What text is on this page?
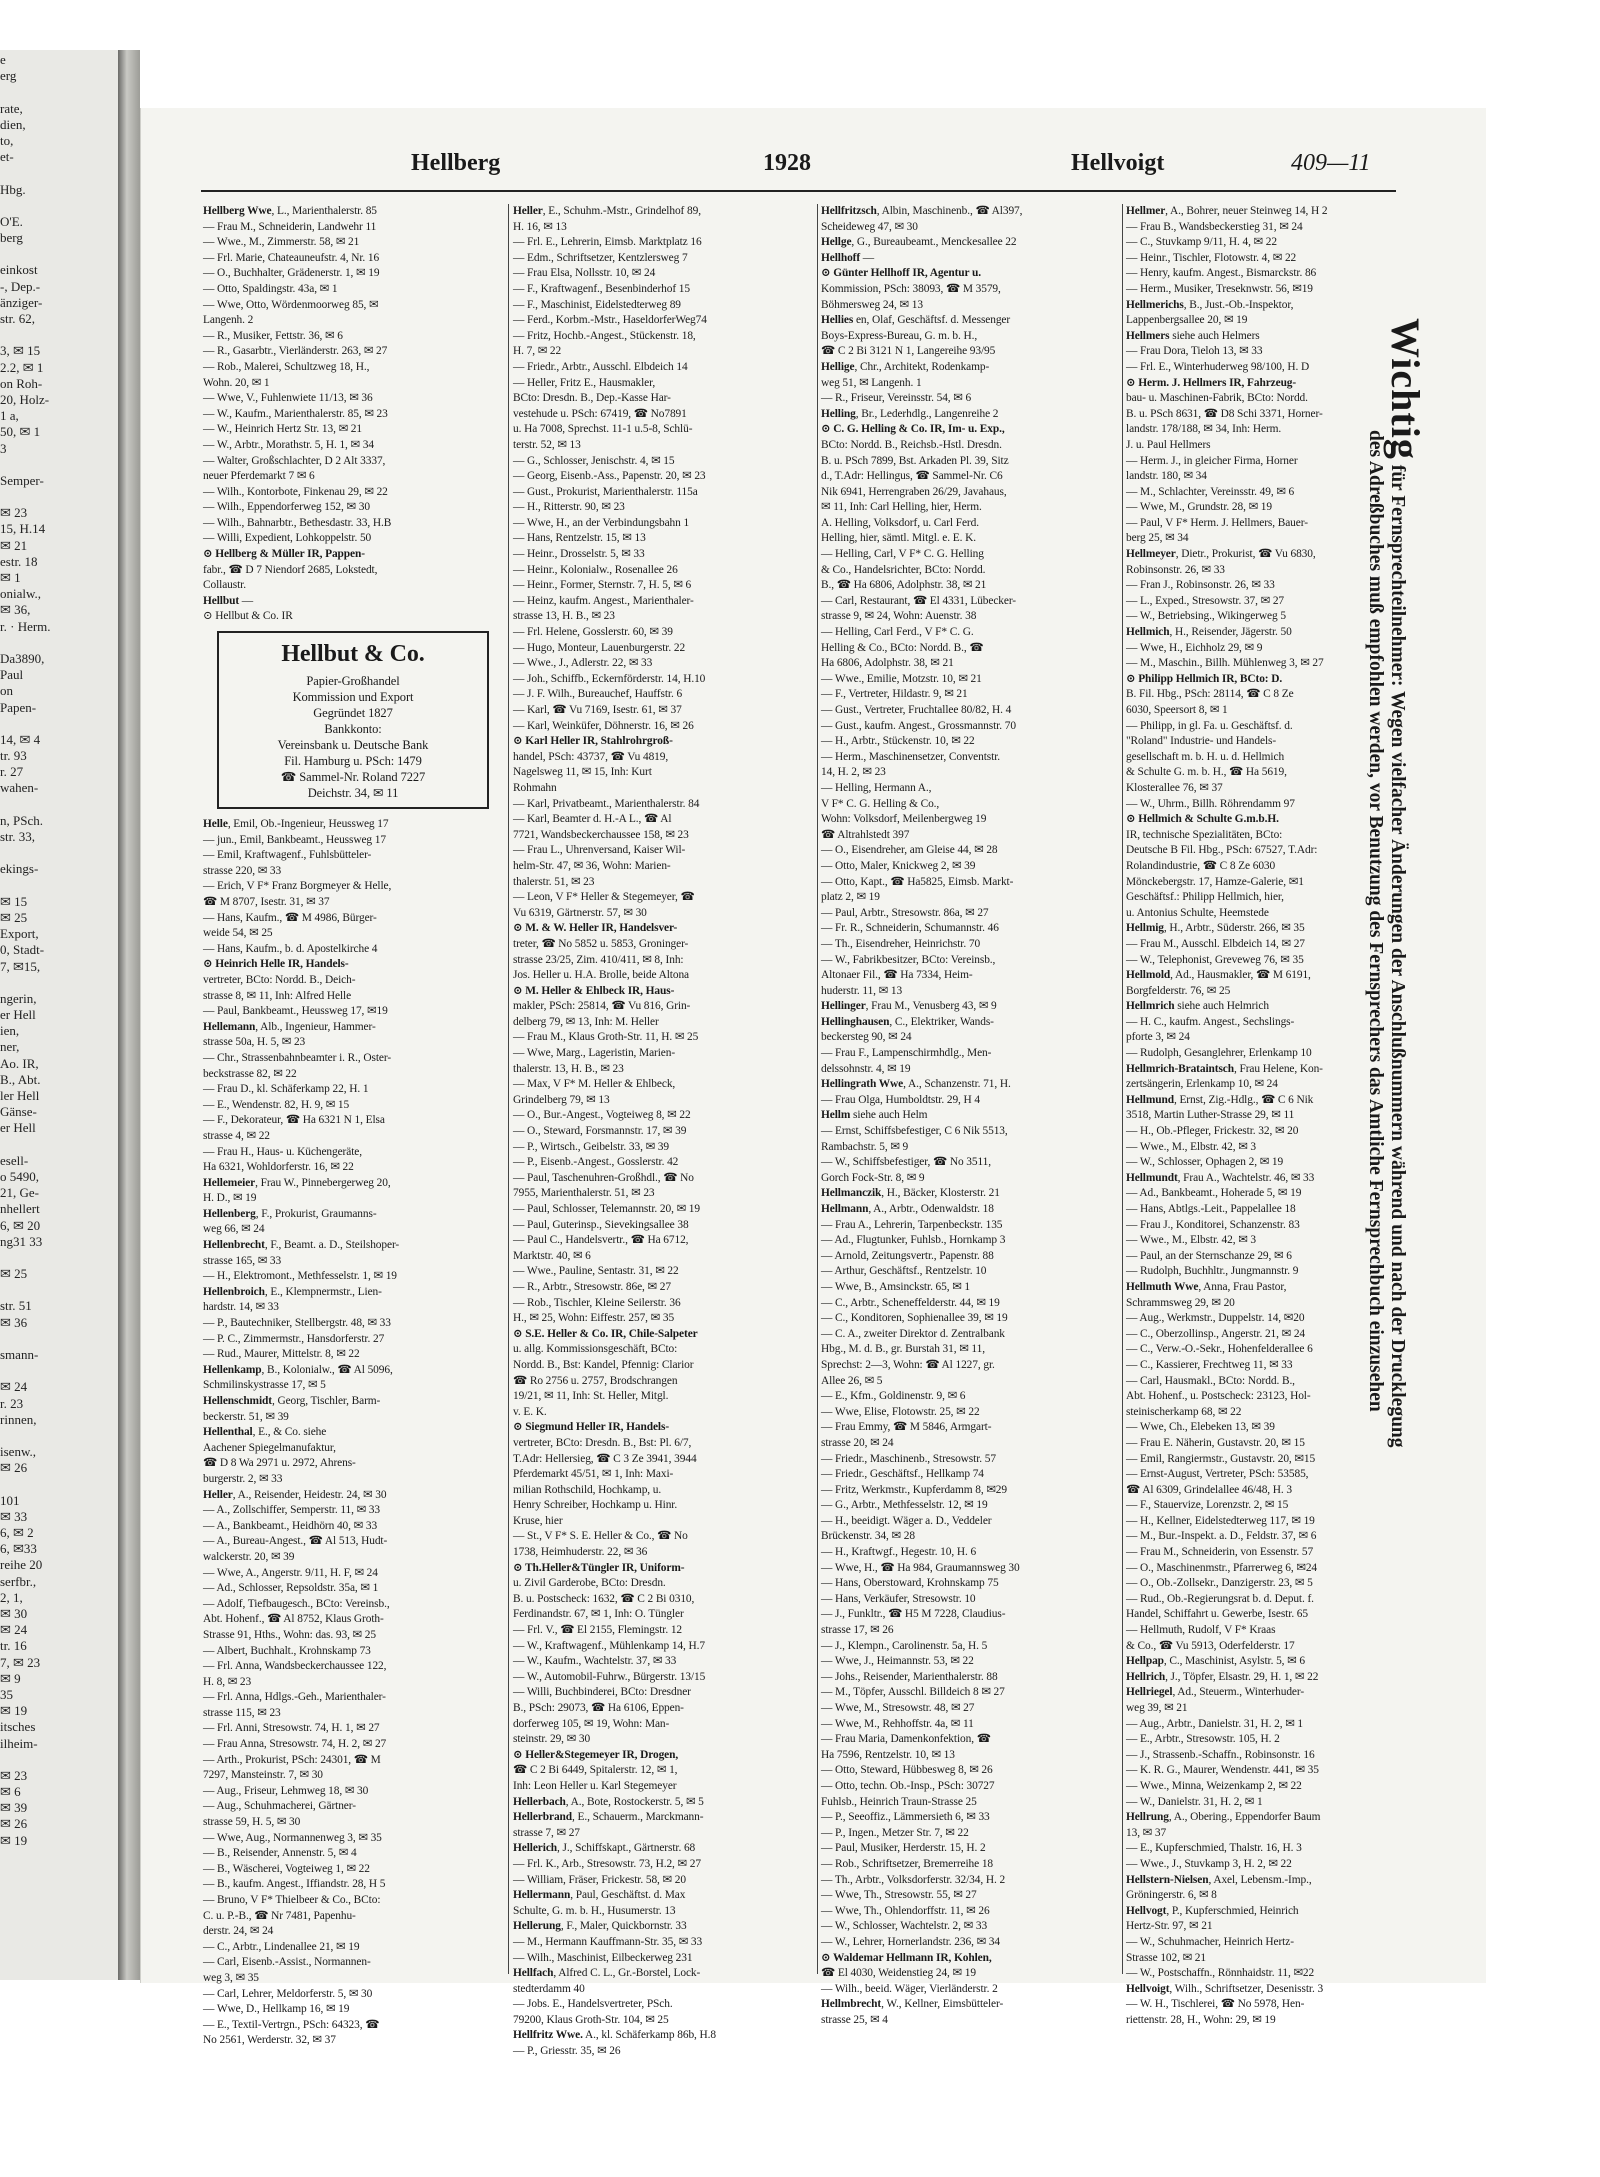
e
erg
rate,
dien,
to,
et-
Hbg.
O'E.
berg
einkost
-, Dep.-
änziger-
str. 62,
3, ✉ 15
2.2, ✉ 1
on Roh-
20, Holz-
1 a,
50, ✉ 1
3
Semper-
✉ 23
15, H.14
✉ 21
estr. 18
✉ 1
onialw.,
✉ 36,
r. · Herm.
Da3890,
Paul
on
Papen-
14, ✉ 4
tr. 93
r. 27
wahen-
n, PSch.
str. 33,
ekings-
✉ 15
✉ 25
Export,
0, Stadt-
7, ✉15,
ngerin,
er Hell
ien,
ner,
Ao. IR,
B., Abt.
ler Hell
Gänse-
er Hell
esell-
o 5490,
21, Ge-
nhellert
6, ✉ 20
ng31 33
✉ 25
str. 51
✉ 36
smann-
✉ 24
r. 23
rinnen,
isenw.,
✉ 26
101
✉ 33
6, ✉ 2
6, ✉33
reihe 20
serfbr.,
2, 1,
✉ 30
✉ 24
tr. 16
7, ✉ 23
✉ 9
35
✉ 19
itsches
ilheim-
✉ 23
✉ 6
✉ 39
✉ 26
✉ 19
Hellberg	1928	Hellvoigt	409—11
Hellberg Wwe, L., Marienthalerstr. 85
— Frau M., Schneiderin, Landwehr 11
— Wwe., M., Zimmerstr. 58, ✉ 21
— Frl. Marie, Chateauneufstr. 4, Nr. 16
— O., Buchhalter, Grädenerstr. 1, ✉ 19
— Otto, Spaldingstr. 43a, ✉ 1
— Wwe, Otto, Wördenmoorweg 85, ✉
Langenh. 2
— R., Musiker, Fettstr. 36, ✉ 6
— R., Gasarbtr., Vierländerstr. 263, ✉ 27
— Rob., Malerei, Schultzweg 18, H.,
Wohn. 20, ✉ 1
— Wwe, V., Fuhlenwiete 11/13, ✉ 36
— W., Kaufm., Marienthalerstr. 85, ✉ 23
— W., Heinrich Hertz Str. 13, ✉ 21
— W., Arbtr., Morathstr. 5, H. 1, ✉ 34
— Walter, Großschlachter, D 2 Alt 3337,
neuer Pferdemarkt 7 ✉ 6
— Wilh., Kontorbote, Finkenau 29, ✉ 22
— Wilh., Eppendorferweg 152, ✉ 30
— Wilh., Bahnarbtr., Bethesdastr. 33, H.B
— Willi, Expedient, Lohkoppelstr. 50
⊙ Hellberg & Müller IR, Pappen-
fabr., ☎ D 7 Niendorf 2685, Lokstedt,
Collaustr.
Hellbut —
⊙ Hellbut & Co. IR
Hellbut & Co.
Papier-Großhandel
Kommission und Export
Gegründet 1827
Bankkonto:
Vereinsbank u. Deutsche Bank
Fil. Hamburg u. PSch: 1479
☎ Sammel-Nr. Roland 7227
Deichstr. 34, ✉ 11
Helle, Emil, Ob.-Ingenieur, Heussweg 17
— jun., Emil, Bankbeamt., Heussweg 17
— Emil, Kraftwagenf., Fuhlsbütteler-
strasse 220, ✉ 33
— Erich, V F* Franz Borgmeyer & Helle,
☎ M 8707, Isestr. 31, ✉ 37
— Hans, Kaufm., ☎ M 4986, Bürger-
weide 54, ✉ 25
— Hans, Kaufm., b. d. Apostelkirche 4
⊙ Heinrich Helle IR, Handels-
vertreter, BCto: Nordd. B., Deich-
strasse 8, ✉ 11, Inh: Alfred Helle
— Paul, Bankbeamt., Heussweg 17, ✉19
Hellemann, Alb., Ingenieur, Hammer-
strasse 50a, H. 5, ✉ 23
— Chr., Strassenbahnbeamter i. R., Oster-
beckstrasse 82, ✉ 22
— Frau D., kl. Schäferkamp 22, H. 1
— E., Wendenstr. 82, H. 9, ✉ 15
— F., Dekorateur, ☎ Ha 6321 N 1, Elsa
strasse 4, ✉ 22
— Frau H., Haus- u. Küchengeräte,
Ha 6321, Wohldorferstr. 16, ✉ 22
Hellemeier, Frau W., Pinnebergerweg 20,
H. D., ✉ 19
Hellenberg, F., Prokurist, Graumanns-
weg 66, ✉ 24
Hellenbrecht, F., Beamt. a. D., Steilshoper-
strasse 165, ✉ 33
— H., Elektromont., Methfesselstr. 1, ✉ 19
Hellenbroich, E., Klempnermstr., Lien-
hardstr. 14, ✉ 33
— P., Bautechniker, Stellbergstr. 48, ✉ 33
— P. C., Zimmermstr., Hansdorferstr. 27
— Rud., Maurer, Mittelstr. 8, ✉ 22
Hellenkamp, B., Kolonialw., ☎ Al 5096,
Schmilinskystrasse 17, ✉ 5
Hellenschmidt, Georg, Tischler, Barm-
beckerstr. 51, ✉ 39
Hellenthal, E., & Co. siehe
Aachener Spiegelmanufaktur,
☎ D 8 Wa 2971 u. 2972, Ahrens-
burgerstr. 2, ✉ 33
Heller, A., Reisender, Heidestr. 24, ✉ 30
— A., Zollschiffer, Semperstr. 11, ✉ 33
— A., Bankbeamt., Heidhörn 40, ✉ 33
— A., Bureau-Angest., ☎ Al 513, Hudt-
walckerstr. 20, ✉ 39
— Wwe, A., Angerstr. 9/11, H. F, ✉ 24
— Ad., Schlosser, Repsoldstr. 35a, ✉ 1
— Adolf, Tiefbaugesch., BCto: Vereinsb.,
Abt. Hohenf., ☎ Al 8752, Klaus Groth-
Strasse 91, Hths., Wohn: das. 93, ✉ 25
— Albert, Buchhalt., Krohnskamp 73
— Frl. Anna, Wandsbeckerchaussee 122,
H. 8, ✉ 23
— Frl. Anna, Hdlgs.-Geh., Marienthaler-
strasse 115, ✉ 23
— Frl. Anni, Stresowstr. 74, H. 1, ✉ 27
— Frau Anna, Stresowstr. 74, H. 2, ✉ 27
— Arth., Prokurist, PSch: 24301, ☎ M
7297, Mansteinstr. 7, ✉ 30
— Aug., Friseur, Lehmweg 18, ✉ 30
— Aug., Schuhmacherei, Gärtner-
strasse 59, H. 5, ✉ 30
— Wwe, Aug., Normannenweg 3, ✉ 35
— B., Reisender, Annenstr. 5, ✉ 4
— B., Wäscherei, Vogteiweg 1, ✉ 22
— B., kaufm. Angest., Iffiandstr. 28, H 5
— Bruno, V F* Thielbeer & Co., BCto:
C. u. P.-B., ☎ Nr 7481, Papenhu-
derstr. 24, ✉ 24
— C., Arbtr., Lindenallee 21, ✉ 19
— Carl, Eisenb.-Assist., Normannen-
weg 3, ✉ 35
— Carl, Lehrer, Meldorferstr. 5, ✉ 30
— Wwe, D., Hellkamp 16, ✉ 19
— E., Textil-Vertrgn., PSch: 64323, ☎
No 2561, Werderstr. 32, ✉ 37
Heller, E., Schuhm.-Mstr., Grindelhof 89,
H. 16, ✉ 13
— Frl. E., Lehrerin, Eimsb. Marktplatz 16
— Edm., Schriftsetzer, Kentzlersweg 7
— Frau Elsa, Nollsstr. 10, ✉ 24
— F., Kraftwagenf., Besenbinderhof 15
— F., Maschinist, Eidelstedterweg 89
— Ferd., Korbm.-Mstr., HaseldorferWeg74
— Fritz, Hochb.-Angest., Stückenstr. 18,
H. 7, ✉ 22
— Friedr., Arbtr., Ausschl. Elbdeich 14
— Heller, Fritz E., Hausmakler,
BCto: Dresdn. B., Dep.-Kasse Har-
vestehude u. PSch: 67419, ☎ No7891
u. Ha 7008, Sprechst. 11-1 u.5-8, Schlü-
terstr. 52, ✉ 13
— G., Schlosser, Jenischstr. 4, ✉ 15
— Georg, Eisenb.-Ass., Papenstr. 20, ✉ 23
— Gust., Prokurist, Marienthalerstr. 115a
— H., Ritterstr. 90, ✉ 23
— Wwe, H., an der Verbindungsbahn 1
— Hans, Rentzelstr. 15, ✉ 13
— Heinr., Drosselstr. 5, ✉ 33
— Heinr., Kolonialw., Rosenallee 26
— Heinr., Former, Sternstr. 7, H. 5, ✉ 6
— Heinz, kaufm. Angest., Marienthaler-
strasse 13, H. B., ✉ 23
— Frl. Helene, Gosslerstr. 60, ✉ 39
— Hugo, Monteur, Lauenburgerstr. 22
— Wwe., J., Adlerstr. 22, ✉ 33
— Joh., Schiffb., Eckernförderstr. 14, H.10
— J. F. Wilh., Bureauchef, Hauffstr. 6
— Karl, ☎ Vu 7169, Isestr. 61, ✉ 37
— Karl, Weinküfer, Döhnerstr. 16, ✉ 26
⊙ Karl Heller IR, Stahlrohrgroß-
handel, PSch: 43737, ☎ Vu 4819,
Nagelsweg 11, ✉ 15, Inh: Kurt
Rohmahn
— Karl, Privatbeamt., Marienthalerstr. 84
— Karl, Beamter d. H.-A L., ☎ Al
7721, Wandsbeckerchaussee 158, ✉ 23
— Frau L., Uhrenversand, Kaiser Wil-
helm-Str. 47, ✉ 36, Wohn: Marien-
thalerstr. 51, ✉ 23
— Leon, V F* Heller & Stegemeyer, ☎
Vu 6319, Gärtnerstr. 57, ✉ 30
⊙ M. & W. Heller IR, Handelsver-
treter, ☎ No 5852 u. 5853, Groninger-
strasse 23/25, Zim. 410/411, ✉ 8, Inh:
Jos. Heller u. H.A. Brolle, beide Altona
⊙ M. Heller & Ehlbeck IR, Haus-
makler, PSch: 25814, ☎ Vu 816, Grin-
delberg 79, ✉ 13, Inh: M. Heller
— Frau M., Klaus Groth-Str. 11, H. ✉ 25
— Wwe, Marg., Lageristin, Marien-
thalerstr. 13, H. B., ✉ 23
— Max, V F* M. Heller & Ehlbeck,
Grindelberg 79, ✉ 13
— O., Bur.-Angest., Vogteiweg 8, ✉ 22
— O., Steward, Forsmannstr. 17, ✉ 39
— P., Wirtsch., Geibelstr. 33, ✉ 39
— P., Eisenb.-Angest., Gosslerstr. 42
— Paul, Taschenuhren-Großhdl., ☎ No
7955, Marienthalerstr. 51, ✉ 23
— Paul, Schlosser, Telemannstr. 20, ✉ 19
— Paul, Guterinsp., Sievekingsallee 38
— Paul C., Handelsvertr., ☎ Ha 6712,
Marktstr. 40, ✉ 6
— Wwe., Pauline, Sentastr. 31, ✉ 22
— R., Arbtr., Stresowstr. 86e, ✉ 27
— Rob., Tischler, Kleine Seilerstr. 36
H., ✉ 25, Wohn: Eiffestr. 257, ✉ 35
⊙ S.E. Heller & Co. IR, Chile-Salpeter
u. allg. Kommissionsgeschäft, BCto:
Nordd. B., Bst: Kandel, Pfennig: Clarior
☎ Ro 2756 u. 2757, Brodschrangen
19/21, ✉ 11, Inh: St. Heller, Mitgl.
v. E. K.
⊙ Siegmund Heller IR, Handels-
vertreter, BCto: Dresdn. B., Bst: Pl. 6/7,
T.Adr: Hellersieg, ☎ C 3 Ze 3941, 3944
Pferdemarkt 45/51, ✉ 1, Inh: Maxi-
milian Rothschild, Hochkamp, u.
Henry Schreiber, Hochkamp u. Hinr.
Kruse, hier
— St., V F* S. E. Heller & Co., ☎ No
1738, Heimhuderstr. 22, ✉ 36
⊙ Th.Heller&Tüngler IR, Uniform-
u. Zivil Garderobe, BCto: Dresdn.
B. u. Postscheck: 1632, ☎ C 2 Bi 0310,
Ferdinandstr. 67, ✉ 1, Inh: O. Tüngler
— Frl. V., ☎ El 2155, Flemingstr. 12
— W., Kraftwagenf., Mühlenkamp 14, H.7
— W., Kaufm., Wachtelstr. 37, ✉ 33
— W., Automobil-Fuhrw., Bürgerstr. 13/15
— Willi, Buchbinderei, BCto: Dresdner
B., PSch: 29073, ☎ Ha 6106, Eppen-
dorferweg 105, ✉ 19, Wohn: Man-
steinstr. 29, ✉ 30
⊙ Heller&Stegemeyer IR, Drogen,
☎ C 2 Bi 6449, Spitalerstr. 12, ✉ 1,
Inh: Leon Heller u. Karl Stegemeyer
Hellerbach, A., Bote, Rostockerstr. 5, ✉ 5
Hellerbrand, E., Schauerm., Marckmann-
strasse 7, ✉ 27
Hellerich, J., Schiffskapt., Gärtnerstr. 68
— Frl. K., Arb., Stresowstr. 73, H.2, ✉ 27
— William, Fräser, Frickestr. 58, ✉ 20
Hellermann, Paul, Geschäftst. d. Max
Schulte, G. m. b. H., Husumerstr. 13
Hellerung, F., Maler, Quickbornstr. 33
— M., Hermann Kauffmann-Str. 35, ✉ 33
— Wilh., Maschinist, Eilbeckerweg 231
Hellfach, Alfred C. L., Gr.-Borstel, Lock-
stedterdamm 40
— Jobs. E., Handelsvertreter, PSch.
79200, Klaus Groth-Str. 104, ✉ 25
Hellfritz Wwe. A., kl. Schäferkamp 86b, H.8
— P., Griesstr. 35, ✉ 26
Hellfritzsch, Albin, Maschinenb., ☎ Al397,
Scheideweg 47, ✉ 30
Hellge, G., Bureaubeamt., Menckesallee 22
Hellhoff —
⊙ Günter Hellhoff IR, Agentur u.
Kommission, PSch: 38093, ☎ M 3579,
Böhmersweg 24, ✉ 13
Hellies en, Olaf, Geschäftsf. d. Messenger
Boys-Express-Bureau, G. m. b. H.,
☎ C 2 Bi 3121 N 1, Langereihe 93/95
Hellige, Chr., Architekt, Rodenkamp-
weg 51, ✉ Langenh. 1
— R., Friseur, Vereinsstr. 54, ✉ 6
Helling, Br., Lederhdlg., Langenreihe 2
⊙ C. G. Helling & Co. IR, Im- u. Exp.,
BCto: Nordd. B., Reichsb.-Hstl. Dresdn.
B. u. PSch 7899, Bst. Arkaden Pl. 39, Sitz
d., T.Adr: Hellingus, ☎ Sammel-Nr. C6
Nik 6941, Herrengraben 26/29, Javahaus,
✉ 11, Inh: Carl Helling, hier, Herm.
A. Helling, Volksdorf, u. Carl Ferd.
Helling, hier, sämtl. Mitgl. e. E. K.
— Helling, Carl, V F* C. G. Helling
& Co., Handelsrichter, BCto: Nordd.
B., ☎ Ha 6806, Adolphstr. 38, ✉ 21
— Carl, Restaurant, ☎ El 4331, Lübecker-
strasse 9, ✉ 24, Wohn: Auenstr. 38
— Helling, Carl Ferd., V F* C. G.
Helling & Co., BCto: Nordd. B., ☎
Ha 6806, Adolphstr. 38, ✉ 21
— Wwe., Emilie, Motzstr. 10, ✉ 21
— F., Vertreter, Hildastr. 9, ✉ 21
— Gust., Vertreter, Fruchtallee 80/82, H. 4
— Gust., kaufm. Angest., Grossmannstr. 70
— H., Arbtr., Stückenstr. 10, ✉ 22
— Herm., Maschinensetzer, Conventstr.
14, H. 2, ✉ 23
— Helling, Hermann A.,
V F* C. G. Helling & Co.,
Wohn: Volksdorf, Meilenbergweg 19
☎ Altrahlstedt 397
— O., Eisendreher, am Gleise 44, ✉ 28
— Otto, Maler, Knickweg 2, ✉ 39
— Otto, Kapt., ☎ Ha5825, Eimsb. Markt-
platz 2, ✉ 19
— Paul, Arbtr., Stresowstr. 86a, ✉ 27
— Fr. R., Schneiderin, Schumannstr. 46
— Th., Eisendreher, Heinrichstr. 70
— W., Fabrikbesitzer, BCto: Vereinsb.,
Altonaer Fil., ☎ Ha 7334, Heim-
huderstr. 11, ✉ 13
Hellinger, Frau M., Venusberg 43, ✉ 9
Hellinghausen, C., Elektriker, Wands-
beckersteg 90, ✉ 24
— Frau F., Lampenschirmhdlg., Men-
delssohnstr. 4, ✉ 19
Hellingrath Wwe, A., Schanzenstr. 71, H.
— Frau Olga, Humboldtstr. 29, H 4
Hellm siehe auch Helm
— Ernst, Schiffsbefestiger, C 6 Nik 5513,
Rambachstr. 5, ✉ 9
— W., Schiffsbefestiger, ☎ No 3511,
Gorch Fock-Str. 8, ✉ 9
Hellmanczik, H., Bäcker, Klosterstr. 21
Hellmann, A., Arbtr., Odenwaldstr. 18
— Frau A., Lehrerin, Tarpenbeckstr. 135
— Ad., Flugtunker, Fuhlsb., Hornkamp 3
— Arnold, Zeitungsvertr., Papenstr. 88
— Arthur, Geschäftsf., Rentzelstr. 10
— Wwe, B., Amsinckstr. 65, ✉ 1
— C., Arbtr., Scheneffelderstr. 44, ✉ 19
— C., Konditoren, Sophienallee 39, ✉ 19
— C. A., zweiter Direktor d. Zentralbank
Hbg., M. d. B., gr. Burstah 31, ✉ 11,
Sprechst: 2—3, Wohn: ☎ Al 1227, gr.
Allee 26, ✉ 5
— E., Kfm., Goldinenstr. 9, ✉ 6
— Wwe, Elise, Flotowstr. 25, ✉ 22
— Frau Emmy, ☎ M 5846, Armgart-
strasse 20, ✉ 24
— Friedr., Maschinenb., Stresowstr. 57
— Friedr., Geschäftsf., Hellkamp 74
— Fritz, Werkmstr., Kupferdamm 8, ✉29
— G., Arbtr., Methfesselstr. 12, ✉ 19
— H., beeidigt. Wäger a. D., Veddeler
Brückenstr. 34, ✉ 28
— H., Kraftwgf., Hegestr. 10, H. 6
— Wwe, H., ☎ Ha 984, Graumannsweg 30
— Hans, Oberstoward, Krohnskamp 75
— Hans, Verkäufer, Stresowstr. 10
— J., Funkltr., ☎ H5 M 7228, Claudius-
strasse 17, ✉ 26
— J., Klempn., Carolinenstr. 5a, H. 5
— Wwe, J., Heimannstr. 53, ✉ 22
— Johs., Reisender, Marienthalerstr. 88
— M., Töpfer, Ausschl. Billdeich 8 ✉ 27
— Wwe, M., Stresowstr. 48, ✉ 27
— Wwe, M., Rehhoffstr. 4a, ✉ 11
— Frau Maria, Damenkonfektion, ☎
Ha 7596, Rentzelstr. 10, ✉ 13
— Otto, Steward, Hübbesweg 8, ✉ 26
— Otto, techn. Ob.-Insp., PSch: 30727
Fuhlsb., Heinrich Traun-Strasse 25
— P., Seeoffiz., Lämmersieth 6, ✉ 33
— P., Ingen., Metzer Str. 7, ✉ 22
— Paul, Musiker, Herderstr. 15, H. 2
— Rob., Schriftsetzer, Bremerreihe 18
— Th., Arbtr., Volksdorferstr. 32/34, H. 2
— Wwe, Th., Stresowstr. 55, ✉ 27
— Wwe, Th., Ohlendorffstr. 11, ✉ 26
— W., Schlosser, Wachtelstr. 2, ✉ 33
— W., Lehrer, Hornerlandstr. 236, ✉ 34
⊙ Waldemar Hellmann IR, Kohlen,
☎ El 4030, Weidenstieg 24, ✉ 19
— Wilh., beeid. Wäger, Vierländerstr. 2
Hellmbrecht, W., Kellner, Eimsbütteler-
strasse 25, ✉ 4
Hellmer, A., Bohrer, neuer Steinweg 14, H 2
— Frau B., Wandsbeckerstieg 31, ✉ 24
— C., Stuvkamp 9/11, H. 4, ✉ 22
— Heinr., Tischler, Flotowstr. 4, ✉ 22
— Henry, kaufm. Angest., Bismarckstr. 86
— Herm., Musiker, Treseknwstr. 56, ✉19
Hellmerichs, B., Just.-Ob.-Inspektor,
Lappenbergsallee 20, ✉ 19
Hellmers siehe auch Helmers
— Frau Dora, Tieloh 13, ✉ 33
— Frl. E., Winterhuderweg 98/100, H. D
⊙ Herm. J. Hellmers IR, Fahrzeug-
bau- u. Maschinen-Fabrik, BCto: Nordd.
B. u. PSch 8631, ☎ D8 Schi 3371, Horner-
landstr. 178/188, ✉ 34, Inh: Herm.
J. u. Paul Hellmers
— Herm. J., in gleicher Firma, Horner
landstr. 180, ✉ 34
— M., Schlachter, Vereinsstr. 49, ✉ 6
— Wwe, M., Grundstr. 28, ✉ 19
— Paul, V F* Herm. J. Hellmers, Bauer-
berg 25, ✉ 34
Hellmeyer, Dietr., Prokurist, ☎ Vu 6830,
Robinsonstr. 26, ✉ 33
— Fran J., Robinsonstr. 26, ✉ 33
— L., Exped., Stresowstr. 37, ✉ 27
— W., Betriebsing., Wikingerweg 5
Hellmich, H., Reisender, Jägerstr. 50
— Wwe, H., Eichholz 29, ✉ 9
— M., Maschin., Billh. Mühlenweg 3, ✉ 27
⊙ Philipp Hellmich IR, BCto: D.
B. Fil. Hbg., PSch: 28114, ☎ C 8 Ze
6030, Speersort 8, ✉ 1
— Philipp, in gl. Fa. u. Geschäftsf. d.
"Roland" Industrie- und Handels-
gesellschaft m. b. H. u. d. Hellmich
& Schulte G. m. b. H., ☎ Ha 5619,
Klosterallee 76, ✉ 37
— W., Uhrm., Billh. Röhrendamm 97
⊙ Hellmich & Schulte G.m.b.H.
IR, technische Spezialitäten, BCto:
Deutsche B Fil. Hbg., PSch: 67527, T.Adr:
Rolandindustrie, ☎ C 8 Ze 6030
Mönckebergstr. 17, Hamze-Galerie, ✉1
Geschäftsf.: Philipp Hellmich, hier,
u. Antonius Schulte, Heemstede
Hellmig, H., Arbtr., Süderstr. 266, ✉ 35
— Frau M., Ausschl. Elbdeich 14, ✉ 27
— W., Telephonist, Greveweg 76, ✉ 35
Hellmold, Ad., Hausmakler, ☎ M 6191,
Borgfelderstr. 76, ✉ 25
Hellmrich siehe auch Helmrich
— H. C., kaufm. Angest., Sechslings-
pforte 3, ✉ 24
— Rudolph, Gesanglehrer, Erlenkamp 10
Hellmrich-Brataintsch, Frau Helene, Kon-
zertsängerin, Erlenkamp 10, ✉ 24
Hellmund, Ernst, Zig.-Hdlg., ☎ C 6 Nik
3518, Martin Luther-Strasse 29, ✉ 11
— H., Ob.-Pfleger, Frickestr. 32, ✉ 20
— Wwe., M., Elbstr. 42, ✉ 3
— W., Schlosser, Ophagen 2, ✉ 19
Hellmundt, Frau A., Wachtelstr. 46, ✉ 33
— Ad., Bankbeamt., Hoherade 5, ✉ 19
— Hans, Abtlgs.-Leit., Pappelallee 18
— Frau J., Konditorei, Schanzenstr. 83
— Wwe., M., Elbstr. 42, ✉ 3
— Paul, an der Sternschanze 29, ✉ 6
— Rudolph, Buchhltr., Jungmannstr. 9
Hellmuth Wwe, Anna, Frau Pastor,
Schrammsweg 29, ✉ 20
— Aug., Werkmstr., Duppelstr. 14, ✉20
— C., Oberzollinsp., Angerstr. 21, ✉ 24
— C., Verw.-O.-Sekr., Hohenfelderallee 6
— C., Kassierer, Frechtweg 11, ✉ 33
— Carl, Hausmakl., BCto: Nordd. B.,
Abt. Hohenf., u. Postscheck: 23123, Hol-
steinischerkamp 68, ✉ 22
— Wwe, Ch., Elebeken 13, ✉ 39
— Frau E. Näherin, Gustavstr. 20, ✉ 15
— Emil, Rangiermstr., Gustavstr. 20, ✉15
— Ernst-August, Vertreter, PSch: 53585,
☎ Al 6309, Grindelallee 46/48, H. 3
— F., Stauervize, Lorenzstr. 2, ✉ 15
— H., Kellner, Eidelstedterweg 117, ✉ 19
— M., Bur.-Inspekt. a. D., Feldstr. 37, ✉ 6
— Frau M., Schneiderin, von Essenstr. 57
— O., Maschinenmstr., Pfarrerweg 6, ✉24
— O., Ob.-Zollsekr., Danzigerstr. 23, ✉ 5
— Rud., Ob.-Regierungsrat b. d. Deput. f.
Handel, Schiffahrt u. Gewerbe, Isestr. 65
— Hellmuth, Rudolf, V F* Kraas
& Co., ☎ Vu 5913, Oderfelderstr. 17
Hellpap, C., Maschinist, Asylstr. 5, ✉ 6
Hellrich, J., Töpfer, Elsastr. 29, H. 1, ✉ 22
Hellriegel, Ad., Steuerm., Winterhuder-
weg 39, ✉ 21
— Aug., Arbtr., Danielstr. 31, H. 2, ✉ 1
— E., Arbtr., Stresowstr. 105, H. 2
— J., Strassenb.-Schaffn., Robinsonstr. 16
— K. R. G., Maurer, Wendenstr. 441, ✉ 35
— Wwe., Minna, Weizenkamp 2, ✉ 22
— W., Danielstr. 31, H. 2, ✉ 1
Hellrung, A., Obering., Eppendorfer Baum
13, ✉ 37
— E., Kupferschmied, Thalstr. 16, H. 3
— Wwe., J., Stuvkamp 3, H. 2, ✉ 22
Hellstern-Nielsen, Axel, Lebensm.-Imp.,
Gröningerstr. 6, ✉ 8
Hellvogt, P., Kupferschmied, Heinrich
Hertz-Str. 97, ✉ 21
— W., Schuhmacher, Heinrich Hertz-
Strasse 102, ✉ 21
— W., Postschaffn., Rönnhaidstr. 11, ✉22
Hellvoigt, Wilh., Schriftsetzer, Desenisstr. 3
— W. H., Tischlerei, ☎ No 5978, Hen-
riettenstr. 28, H., Wohn: 29, ✉ 19
Wichtig für Fernsprechteilnehmer: Wegen vielfacher Änderungen der Anschlußnummern während und nach der Drucklegung
des Adreßbuches muß empfohlen werden, vor Benutzung des Fernsprechers das Amtliche Fernsprechbuch einzusehen
